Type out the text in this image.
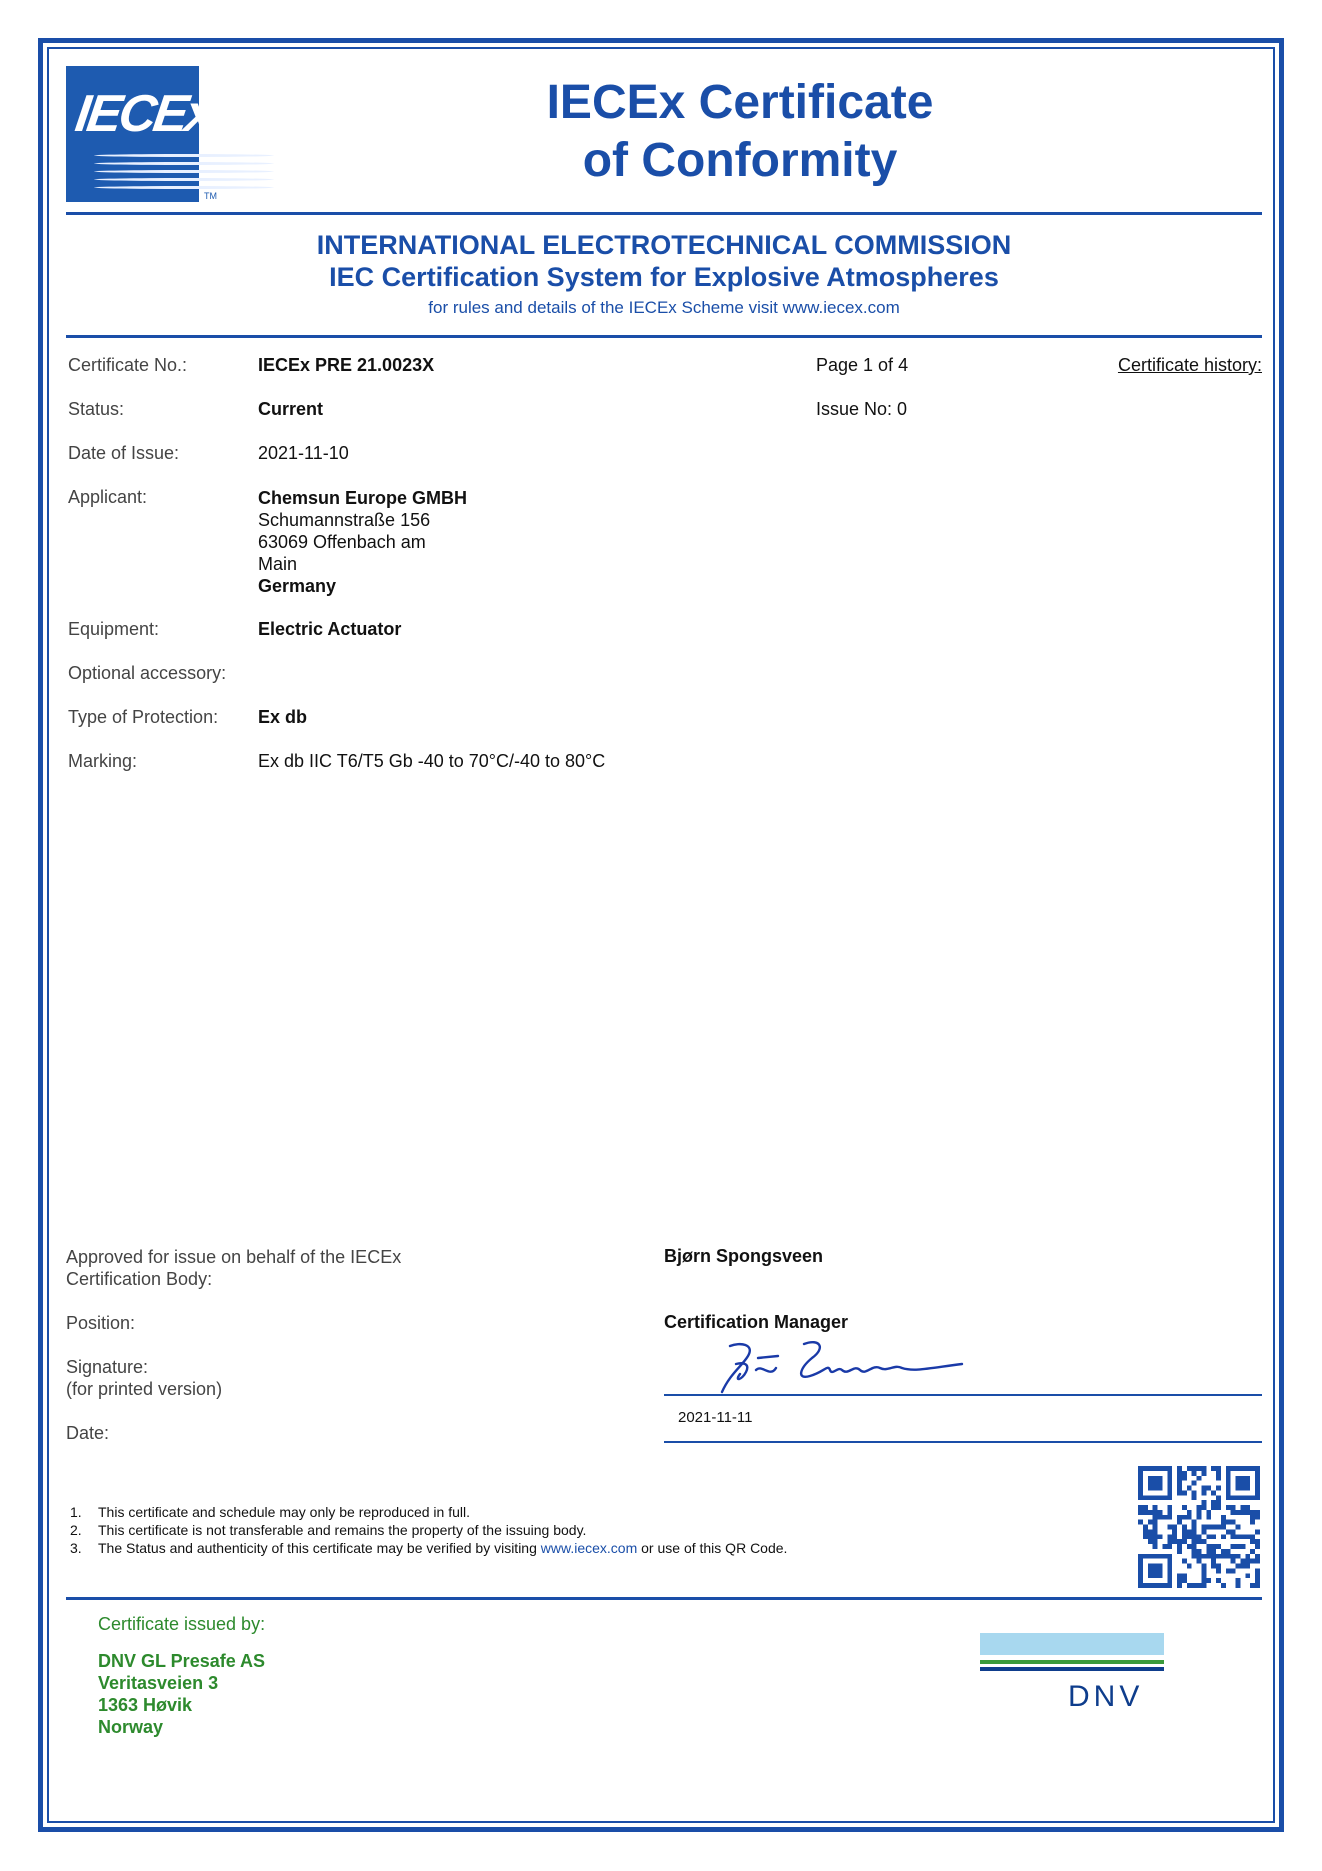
IECEx
TM
IECEx Certificate
of Conformity
INTERNATIONAL ELECTROTECHNICAL COMMISSION
IEC Certification System for Explosive Atmospheres
for rules and details of the IECEx Scheme visit www.iecex.com
Certificate No.:	IECEx PRE 21.0023X	Page 1 of 4	Certificate history:
Status:	Current	Issue No: 0
Date of Issue:	2021-11-10
Applicant:	Chemsun Europe GMBH
Schumannstraße 156
63069 Offenbach am
Main
Germany
Equipment:	Electric Actuator
Optional accessory:
Type of Protection: Ex db
Marking:	Ex db IIC T6/T5 Gb -40 to 70°C/-40 to 80°C
Approved for issue on behalf of the IECEx
Certification Body:
Bjørn Spongsveen
Position:	Certification Manager
Signature:
(for printed version)
2021-11-11
Date:
1. This certificate and schedule may only be reproduced in full.
2. This certificate is not transferable and remains the property of the issuing body.
3. The Status and authenticity of this certificate may be verified by visiting www.iecex.com or use of this QR Code.
Certificate issued by:
DNV GL Presafe AS
Veritasveien 3
1363 Høvik
Norway
DNV
